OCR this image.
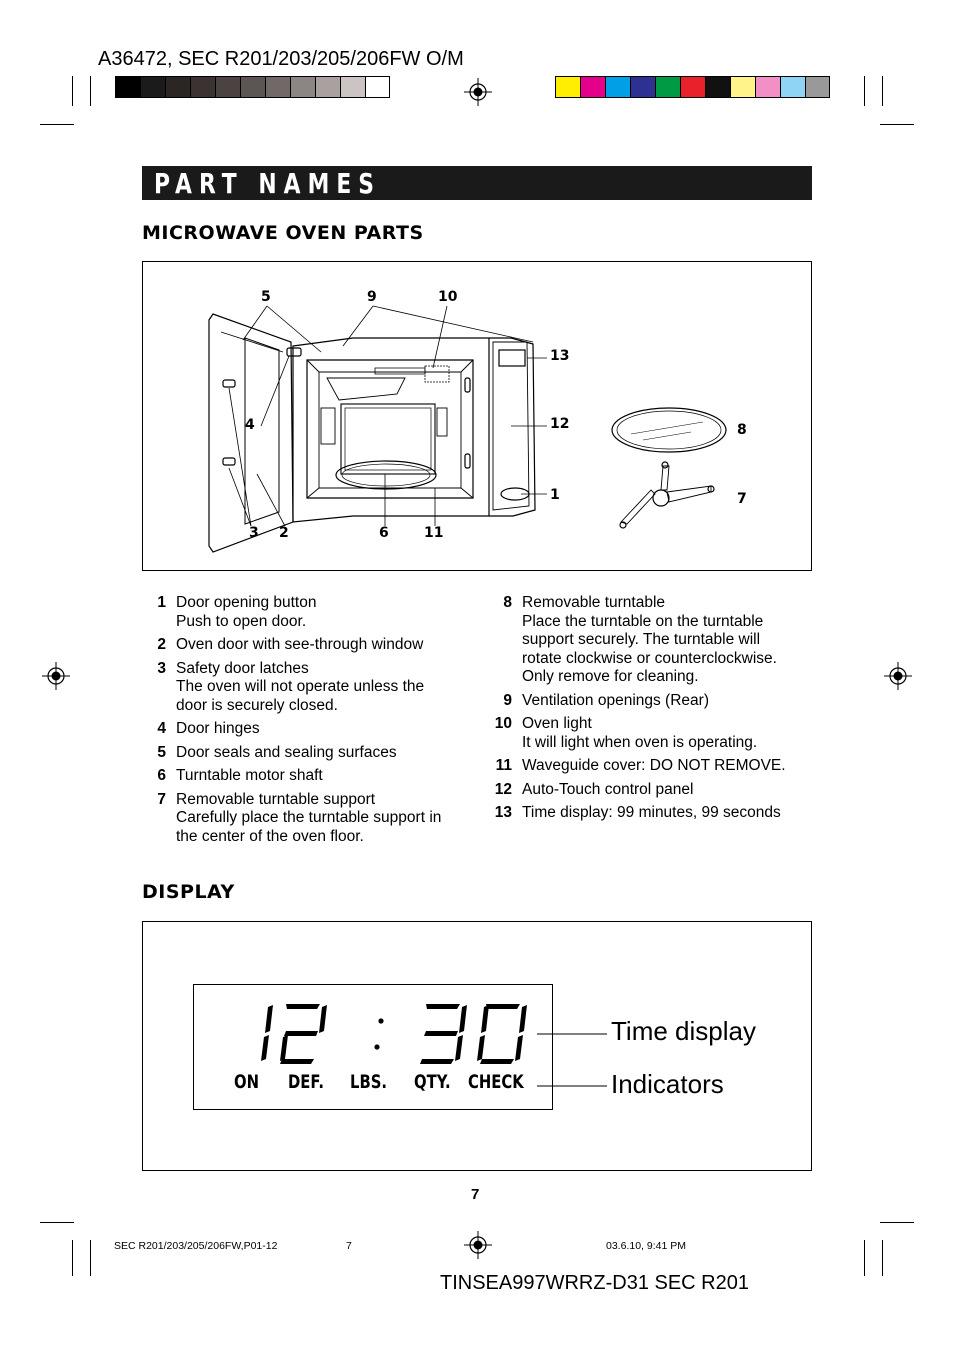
A36472, SEC R201/203/205/206FW O/M
PART NAMES
MICROWAVE OVEN PARTS
5	9	10
13
4	12	8
1	7
3 2	6	11
1 Door opening button
Push to open door.
2 Oven door with see-through window
3 Safety door latches
The oven will not operate unless the
door is securely closed.
4 Door hinges
5 Door seals and sealing surfaces
6 Turntable motor shaft
7 Removable turntable support
Carefully place the turntable support in
the center of the oven floor.
8 Removable turntable
Place the turntable on the turntable
support securely. The turntable will
rotate clockwise or counterclockwise.
Only remove for cleaning.
9 Ventilation openings (Rear)
10 Oven light
It will light when oven is operating.
11 Waveguide cover: DO NOT REMOVE.
12 Auto-Touch control panel
13 Time display: 99 minutes, 99 seconds
DISPLAY
ON DEF. LBS. QTY. CHECK
Time display
Indicators
7
SEC R201/203/205/206FW,P01-12	7	03.6.10, 9:41 PM
TINSEA997WRRZ-D31 SEC R201
